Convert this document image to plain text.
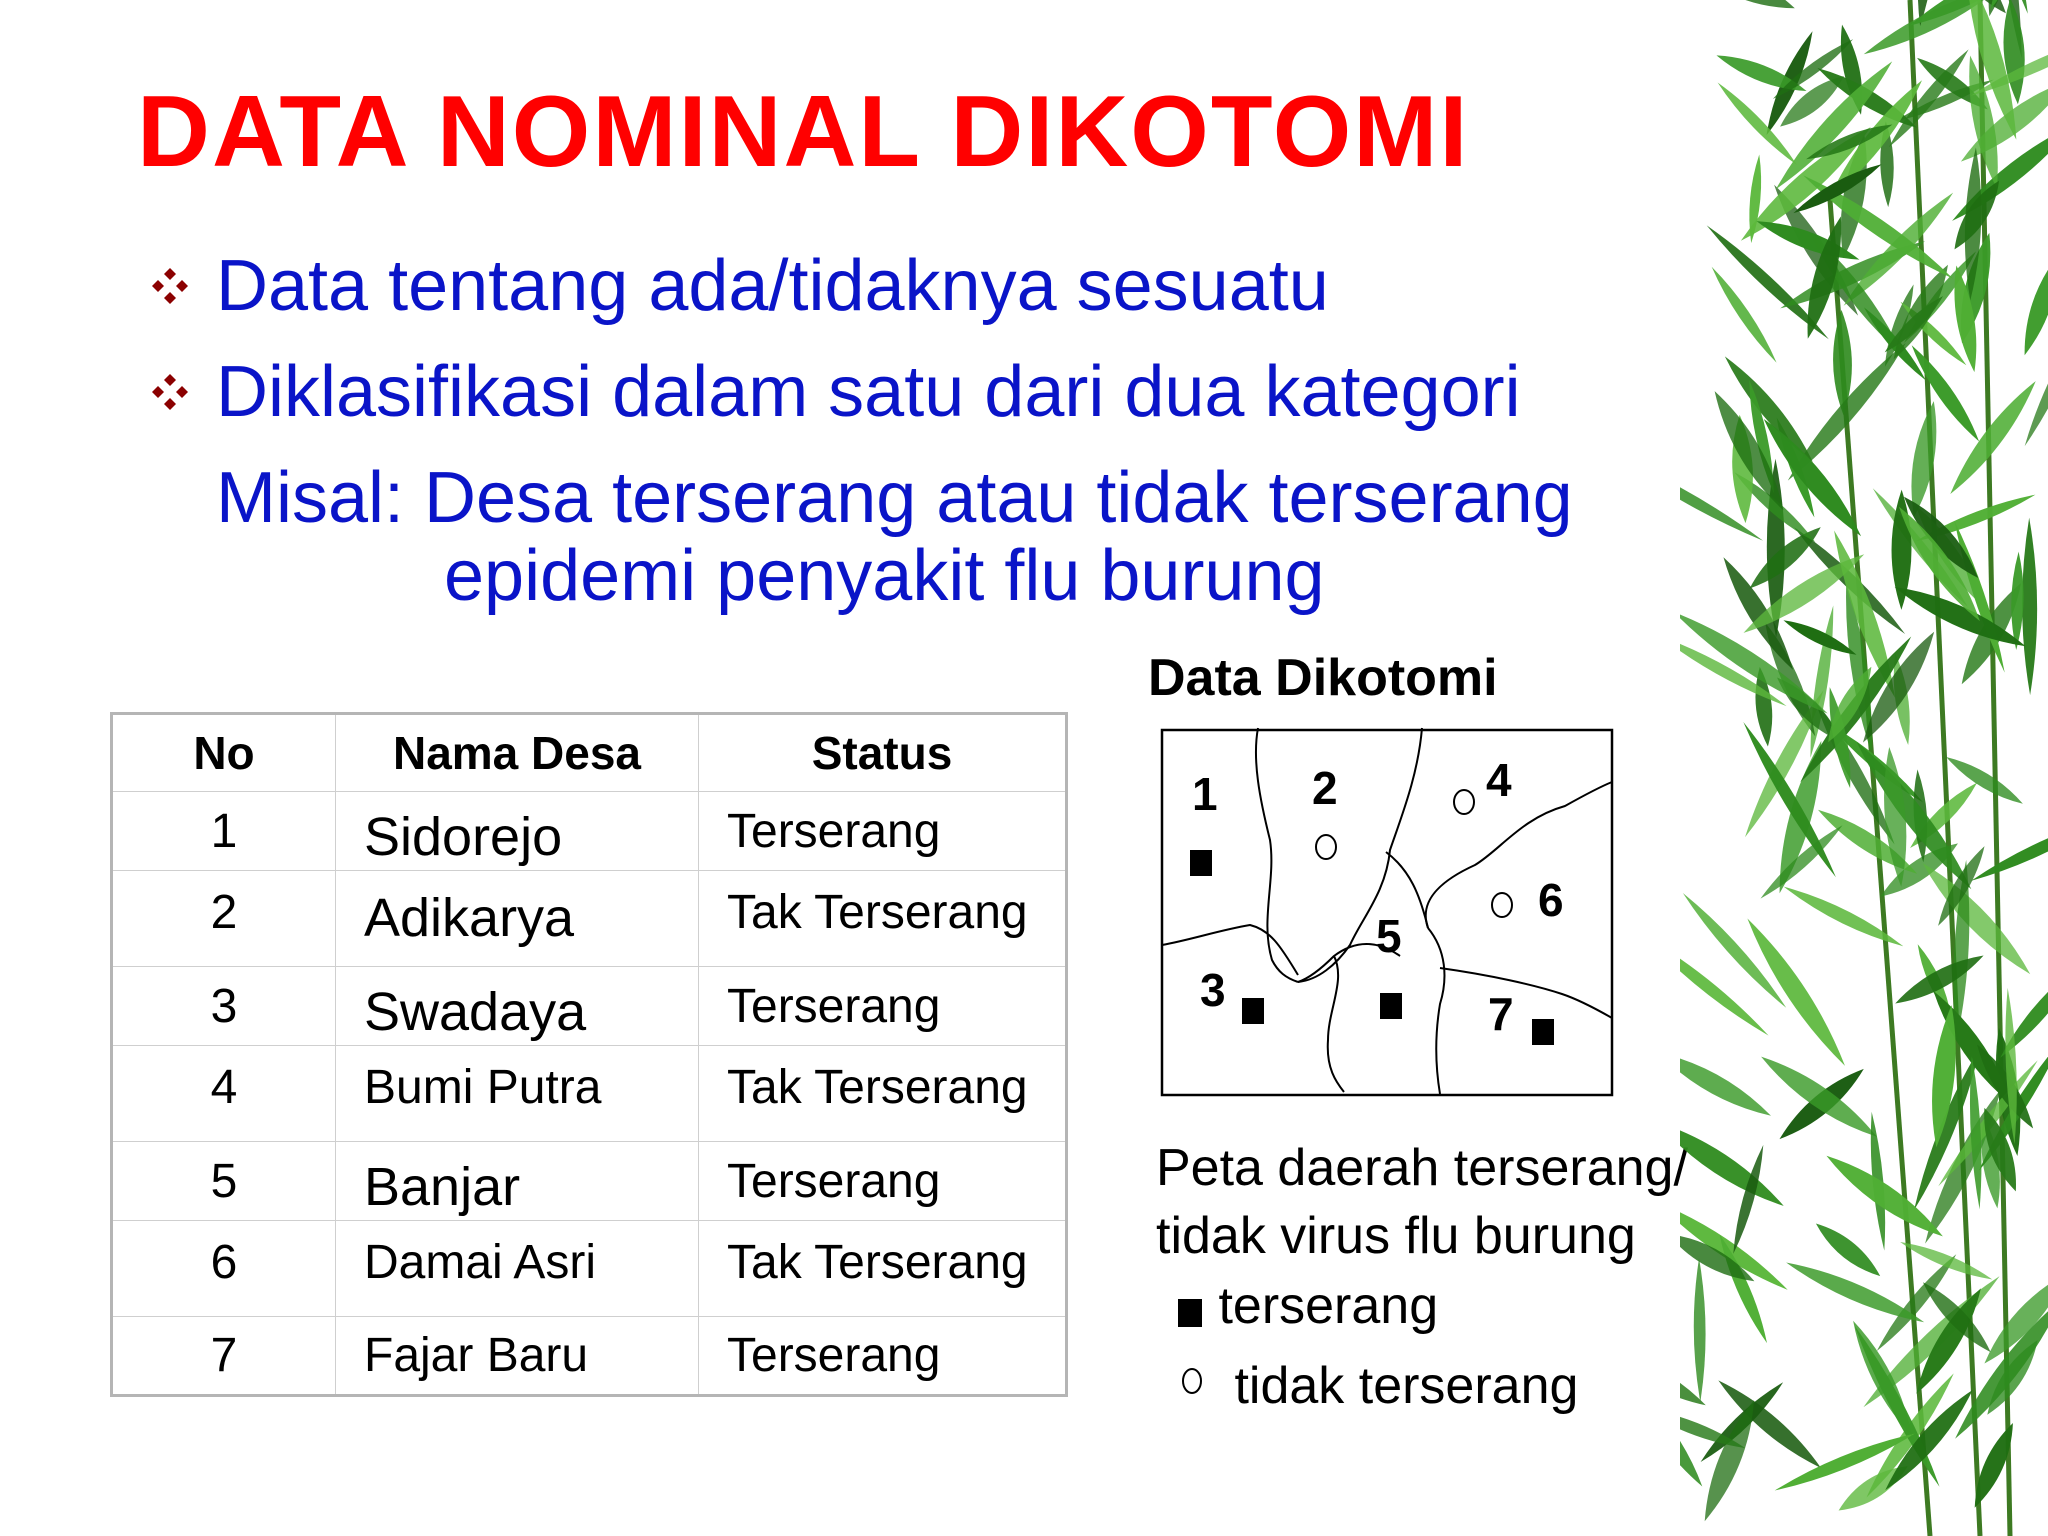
DATA NOMINAL DIKOTOMI
Data tentang ada/tidaknya sesuatu
Diklasifikasi dalam satu dari dua kategori
Misal: Desa terserang atau tidak terserang
epidemi penyakit flu burung
No	Nama Desa	Status
1	Sidorejo	Terserang
2	Adikarya	Tak Terserang
3	Swadaya	Terserang
4	Bumi Putra	Tak Terserang
5	Banjar	Terserang
6	Damai Asri	Tak Terserang
7	Fajar Baru	Terserang
Data Dikotomi
1 2
3
4
5
6
7
Peta daerah terserang/
tidak virus flu burung
terserang
tidak terserang
